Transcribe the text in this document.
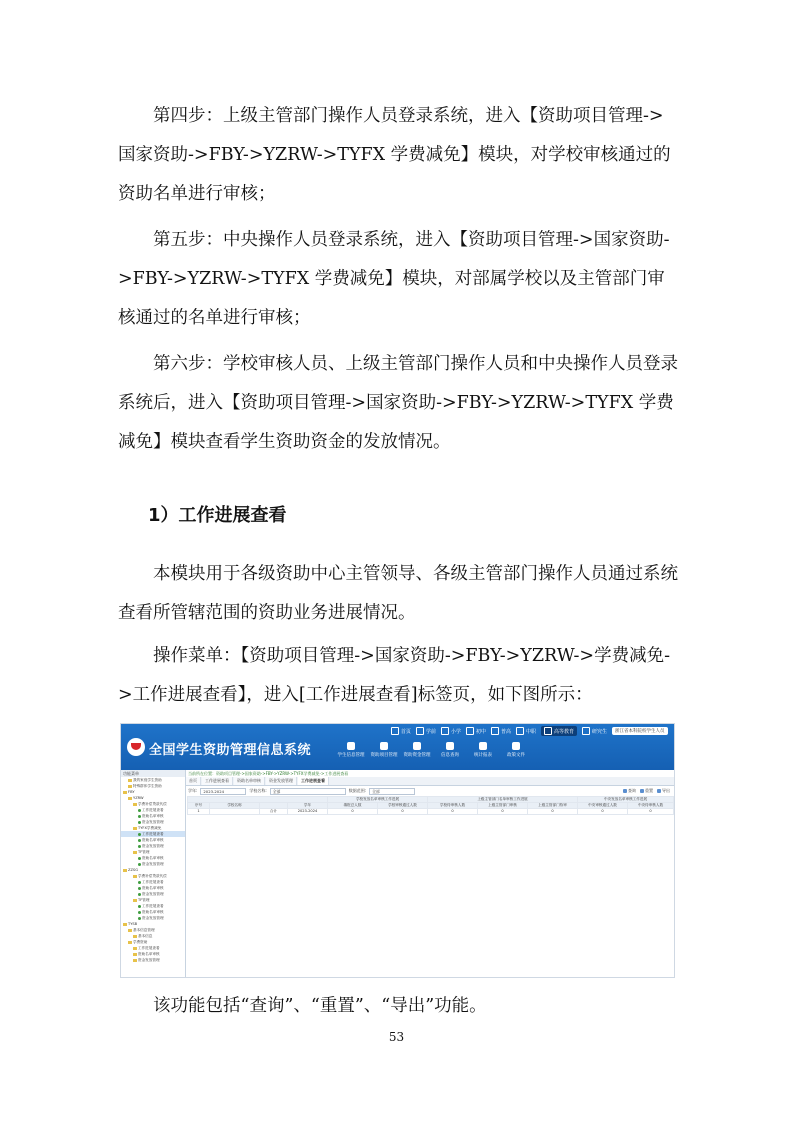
第四步：上级主管部门操作人员登录系统，进入【资助项目管理->国家资助->FBY->YZRW->TYFX 学费减免】模块，对学校审核通过的资助名单进行审核；

第五步：中央操作人员登录系统，进入【资助项目管理->国家资助->FBY->YZRW->TYFX 学费减免】模块，对部属学校以及主管部门审核通过的名单进行审核；

第六步：学校审核人员、上级主管部门操作人员和中央操作人员登录系统后，进入【资助项目管理->国家资助->FBY->YZRW->TYFX 学费减免】模块查看学生资助资金的发放情况。

1）工作进展查看

本模块用于各级资助中心主管领导、各级主管部门操作人员通过系统查看所管辖范围的资助业务进展情况。

操作菜单：【资助项目管理->国家资助->FBY->YZRW->学费减免->工作进展查看】，进入[工作进展查看]标签页，如下图所示：

全国学生资助管理信息系统
首页	学前	小学	初中	普高	中职	高等教育	研究生	浙江省本科院校学生人员
学生信息管理	资助项目管理	资助资金管理	信息查询	统计报表	政策文件
功能菜单
我的家庭学生资助
特殊群体学生资助
FBY
YZRW
学费补偿贷款代偿
工作进展查看
资助名单审核
资金发放管理
TYFX学费减免
工作进展查看
资助名单审核
资金发放管理
TF管理
资助名单审核
资金发放管理
ZZSG
学费补偿贷款代偿
工作进展查看
资助名单审核
资金发放管理
TF管理
工作进展查看
资助名单审核
资金发放管理
TYSB
基本信息管理
基本信息
学费资助
工作进展查看
资助名单审核
资金发放管理
当前所在位置：资助项目管理->国家资助->FBY->YZRW->TYFX学费减免->工作进展查看
首页	工作进展查看	资助名单审核	资金发放管理	工作进展查看
学年:	2023-2024	学校名称:	全部	数据范围:	全部	查询 重置 导出
				学校发放名单审核工作进展		上级主管部门名单审核工作进展			中央发放名单审核工作进展	
序号	学校名称		学年	填报总人数	学校审核通过人数	学校待审核人数	上级主管部门审核	上级主管部门待审	中央审核通过人数	中央待审核人数
1		合计	2023-2024	0	0	0	0	0	0	0

该功能包括“查询”、“重置”、“导出”功能。

53
